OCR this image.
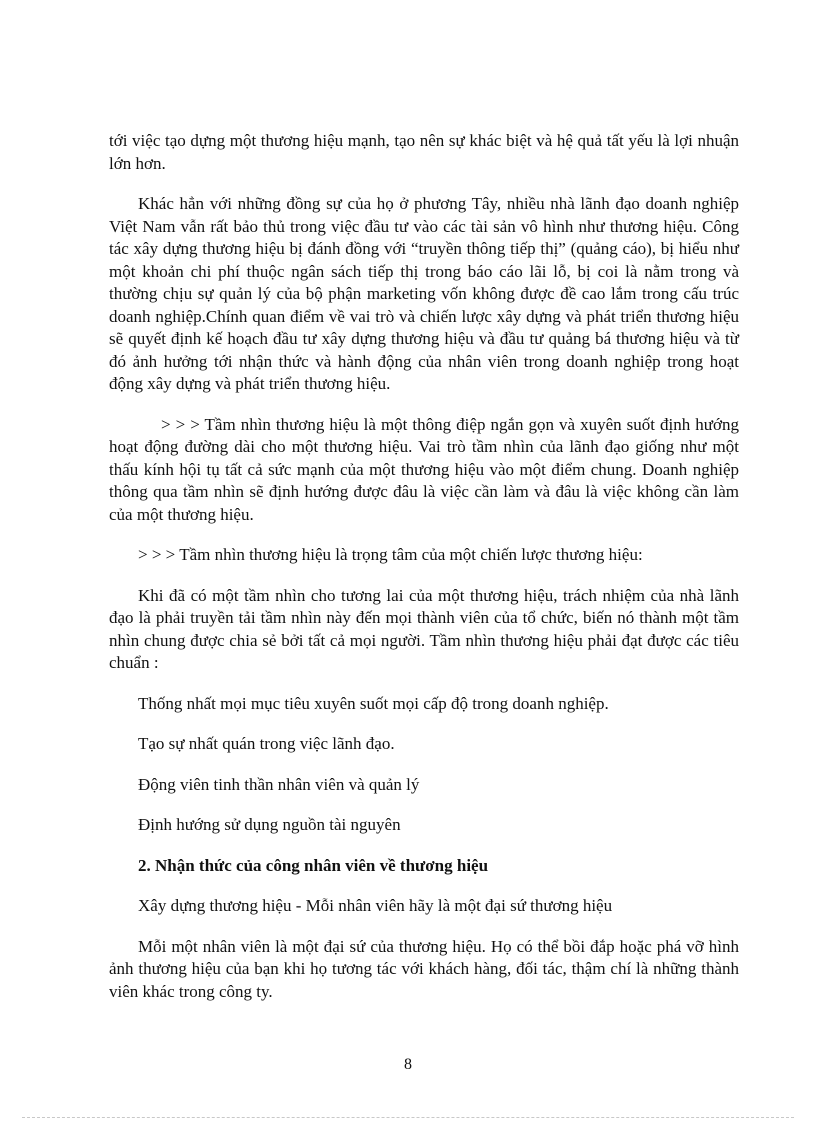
tới việc tạo dựng một thương hiệu mạnh, tạo nên sự khác biệt và hệ quả tất yếu là lợi nhuận lớn hơn.

Khác hẳn với những đồng sự của họ ở phương Tây, nhiều nhà lãnh đạo doanh nghiệp Việt Nam vẫn rất bảo thủ trong việc đầu tư vào các tài sản vô hình như thương hiệu. Công tác xây dựng thương hiệu bị đánh đồng với “truyền thông tiếp thị” (quảng cáo), bị hiểu như một khoản chi phí thuộc ngân sách tiếp thị trong báo cáo lãi lỗ, bị coi là nằm trong và thường chịu sự quản lý của bộ phận marketing vốn không được đề cao lắm trong cấu trúc doanh nghiệp.Chính quan điểm về vai trò và chiến lược xây dựng và phát triển thương hiệu sẽ quyết định kế hoạch đầu tư xây dựng thương hiệu và đầu tư quảng bá thương hiệu và từ đó ảnh hưởng tới nhận thức và hành động của nhân viên trong doanh nghiệp trong hoạt động xây dựng và phát triển thương hiệu.

> > > Tầm nhìn thương hiệu là một thông điệp ngắn gọn và xuyên suốt định hướng hoạt động đường dài cho một thương hiệu. Vai trò tầm nhìn của lãnh đạo giống như một thấu kính hội tụ tất cả sức mạnh của một thương hiệu vào một điểm chung. Doanh nghiệp thông qua tầm nhìn sẽ định hướng được đâu là việc cần làm và đâu là việc không cần làm của một thương hiệu.

> > > Tầm nhìn thương hiệu là trọng tâm của một chiến lược thương hiệu:

Khi đã có một tầm nhìn cho tương lai của một thương hiệu, trách nhiệm của nhà lãnh đạo là phải truyền tải tầm nhìn này đến mọi thành viên của tổ chức, biến nó thành một tầm nhìn chung được chia sẻ bởi tất cả mọi người. Tầm nhìn thương hiệu phải đạt được các tiêu chuẩn :

Thống nhất mọi mục tiêu xuyên suốt mọi cấp độ trong doanh nghiệp.

Tạo sự nhất quán trong việc lãnh đạo.

Động viên tinh thần nhân viên và quản lý

Định hướng sử dụng nguồn tài nguyên

2. Nhận thức của công nhân viên về thương hiệu

Xây dựng thương hiệu - Mỗi nhân viên hãy là một đại sứ thương hiệu

Mỗi một nhân viên là một đại sứ của thương hiệu. Họ có thể bồi đắp hoặc phá vỡ hình ảnh thương hiệu của bạn khi họ tương tác với khách hàng, đối tác, thậm chí là những thành viên khác trong công ty.

8
